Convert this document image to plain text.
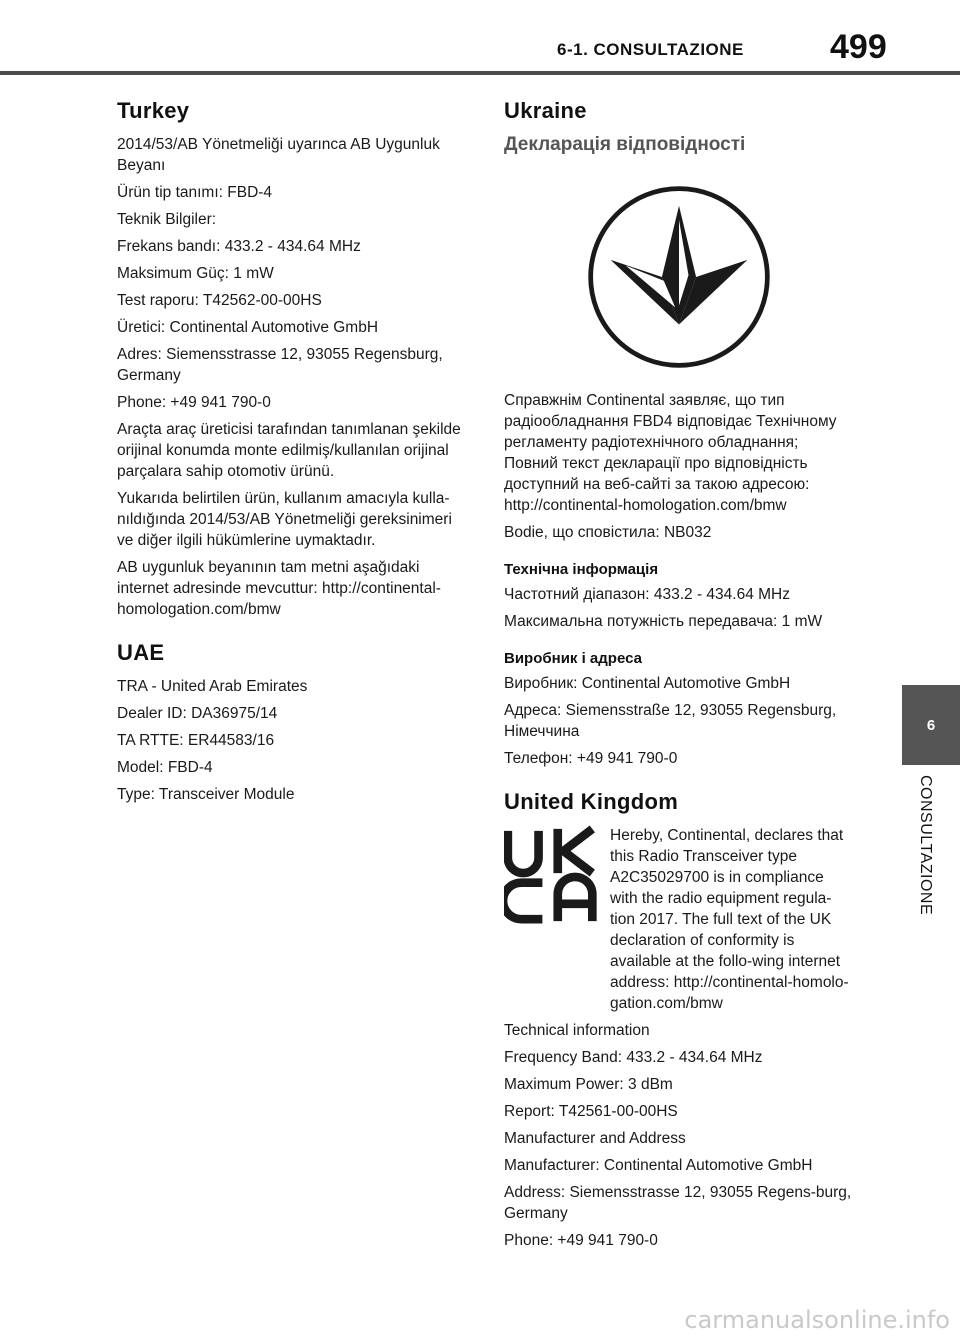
6-1. CONSULTAZIONE	499
Turkey

2014/53/AB Yönetmeliği uyarınca AB Uygunluk Beyanı

Ürün tip tanımı: FBD-4

Teknik Bilgiler:

Frekans bandı: 433.2 - 434.64 MHz

Maksimum Güç: 1 mW

Test raporu: T42562-00-00HS

Üretici: Continental Automotive GmbH

Adres: Siemensstrasse 12, 93055 Regensburg, Germany

Phone: +49 941 790-0

Araçta araç üreticisi tarafından tanımlanan şekilde orijinal konumda monte edilmiş/kullanılan orijinal parçalara sahip otomotiv ürünü.

Yukarıda belirtilen ürün, kullanım amacıyla kulla-nıldığında 2014/53/AB Yönetmeliği gereksinimeri ve diğer ilgili hükümlerine uymaktadır.

AB uygunluk beyanının tam metni aşağıdaki internet adresinde mevcuttur: http://continental-homologation.com/bmw

UAE

TRA - United Arab Emirates

Dealer ID: DA36975/14

TA RTTE: ER44583/16

Model: FBD-4

Type: Transceiver Module

Ukraine
Декларація відповідності

Справжнім Continental заявляє, що тип радіообладнання FBD4 відповідає Технічному регламенту радіотехнічного обладнання; Повний текст декларації про відповідність доступний на веб-сайті за такою адресою: http://continental-homologation.com/bmw

Bodie, що сповістила: NB032

Технічна інформація

Частотний діапазон: 433.2 - 434.64 MHz

Максимальна потужність передавача: 1 mW

Виробник і адреса

Виробник: Continental Automotive GmbH

Адреса: Siemensstraße 12, 93055 Regensburg, Німеччина

Телефон: +49 941 790-0

United Kingdom
Hereby, Continental, declares that this Radio Transceiver type A2C35029700 is in compliance with the radio equipment regula-tion 2017. The full text of the UK declaration of conformity is available at the follo-wing internet address: http://continental-homolo-gation.com/bmw

Technical information

Frequency Band: 433.2 - 434.64 MHz

Maximum Power: 3 dBm

Report: T42561-00-00HS

Manufacturer and Address

Manufacturer: Continental Automotive GmbH

Address: Siemensstrasse 12, 93055 Regens-burg, Germany

Phone: +49 941 790-0

6
CONSULTAZIONE
carmanualsonline.info
